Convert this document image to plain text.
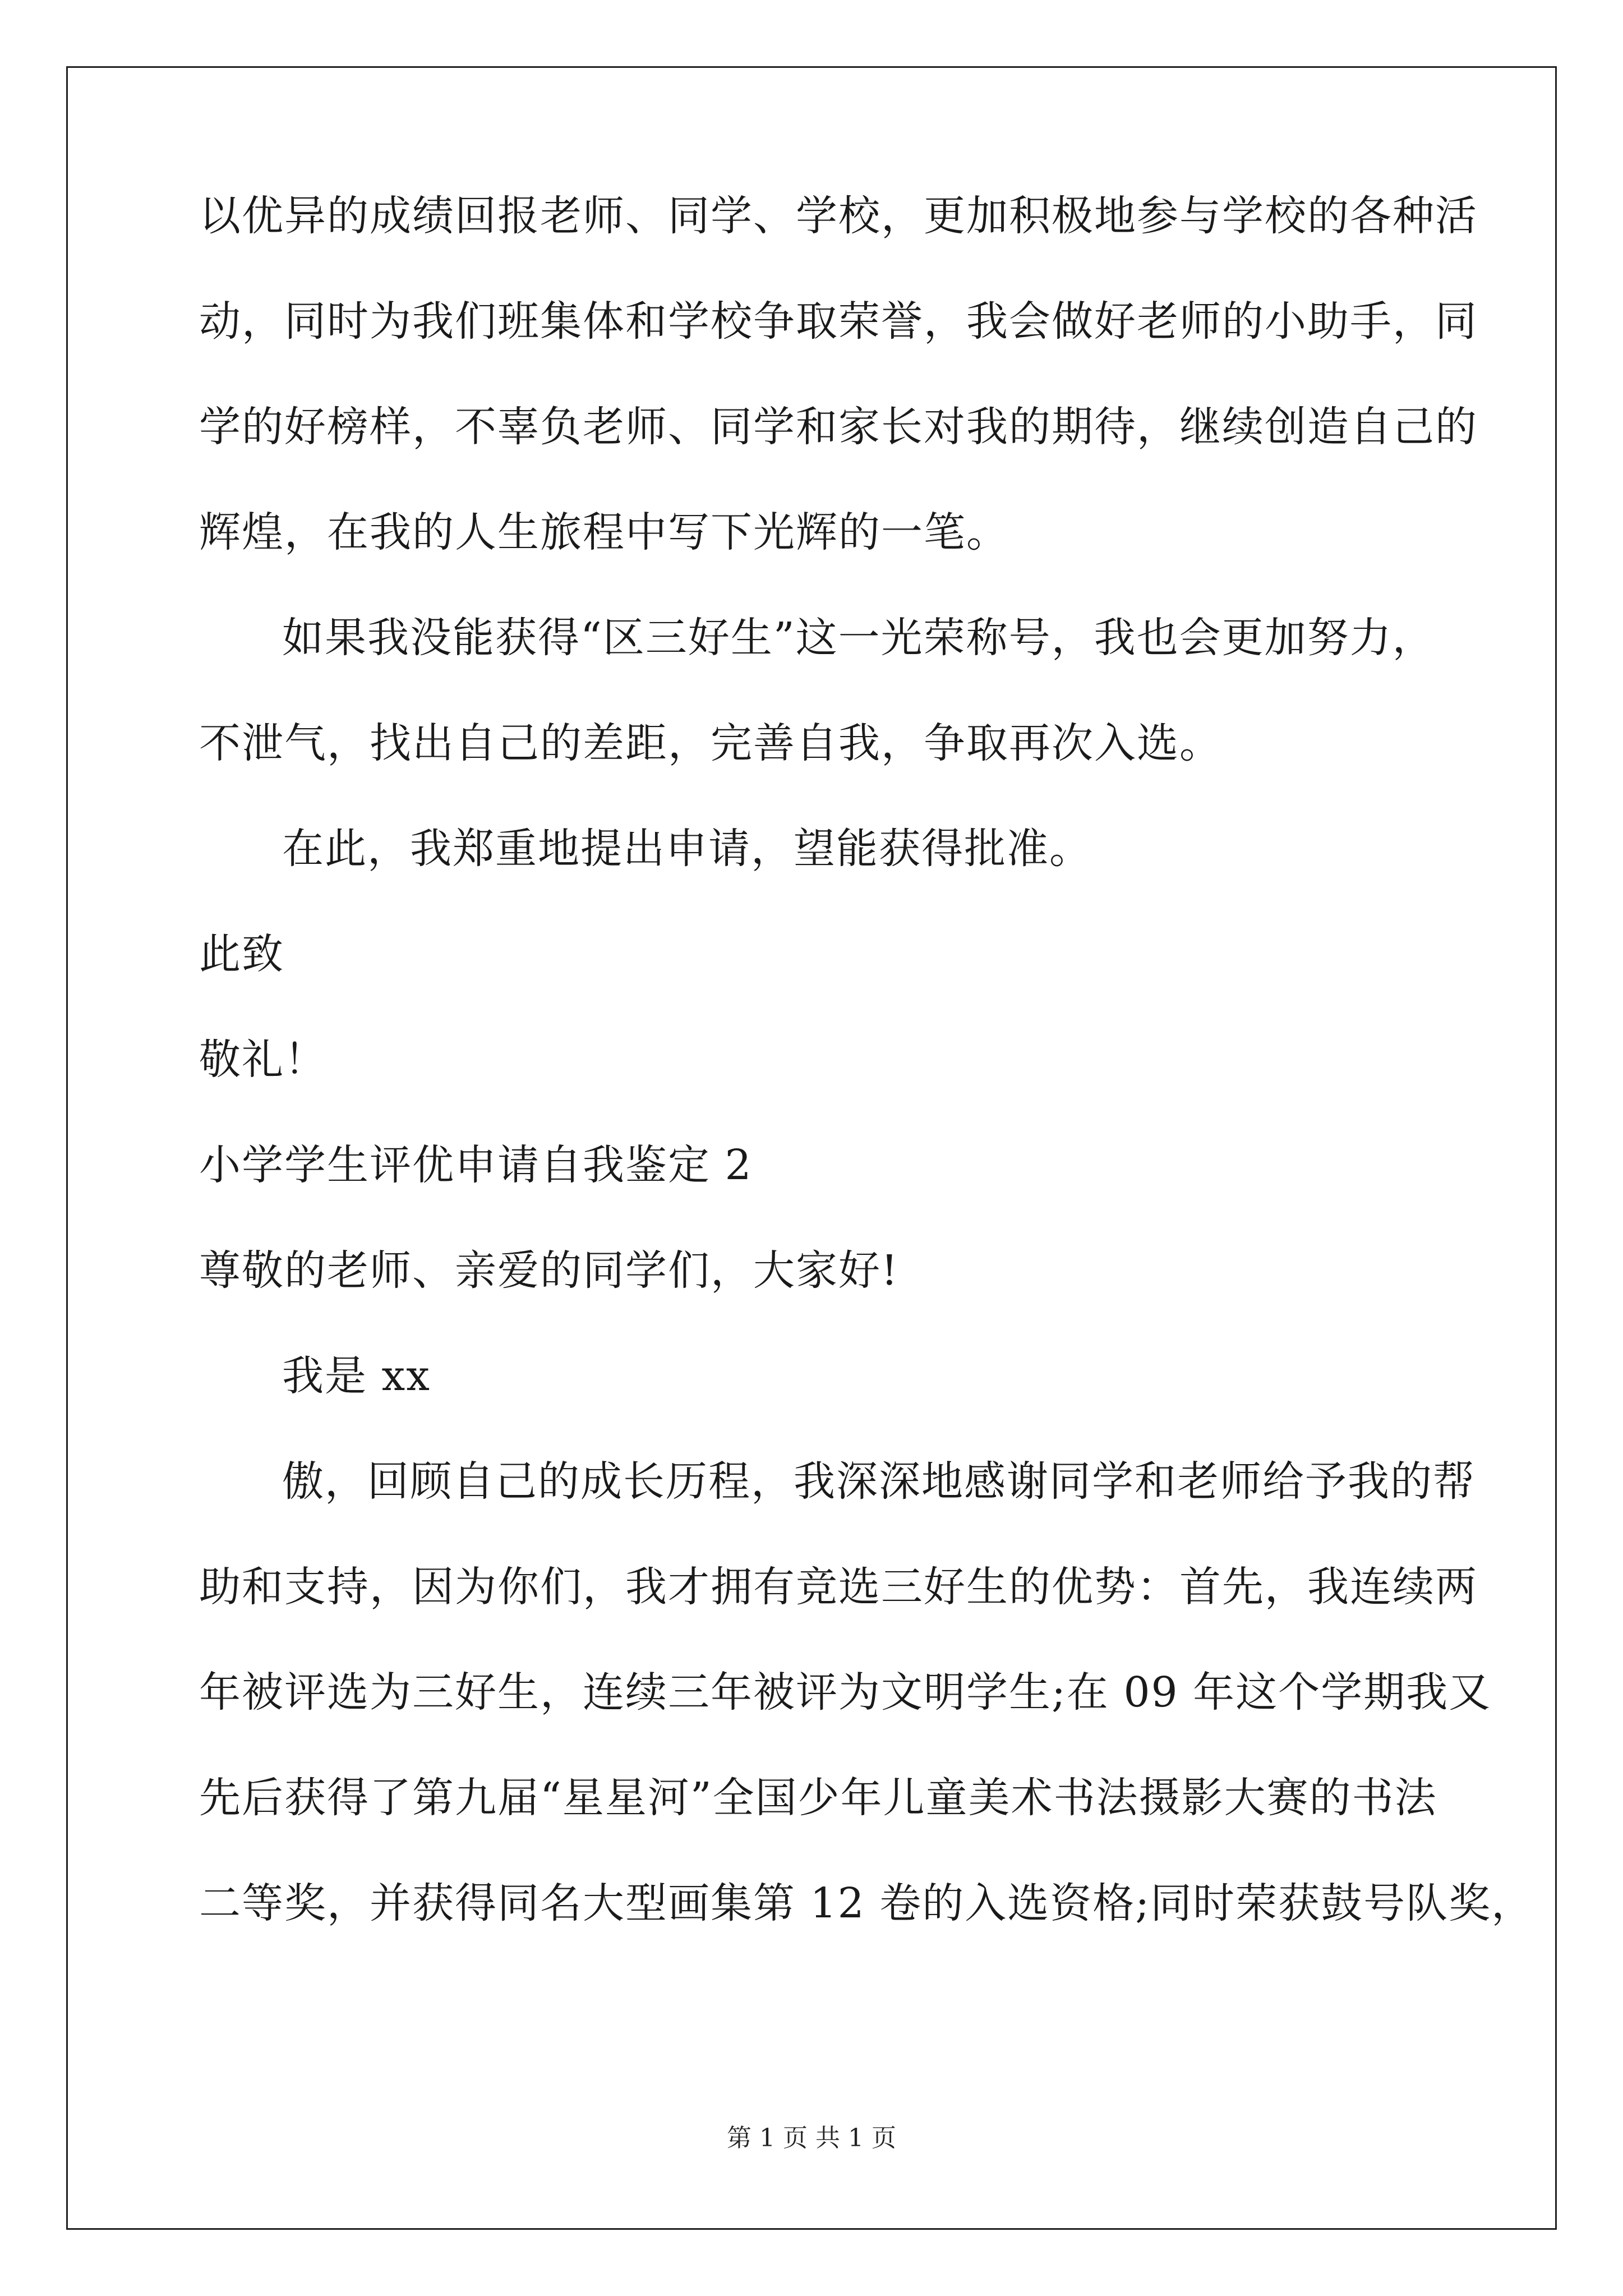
以优异的成绩回报老师、同学、学校，更加积极地参与学校的各种活
动，同时为我们班集体和学校争取荣誉，我会做好老师的小助手，同
学的好榜样，不辜负老师、同学和家长对我的期待，继续创造自己的
辉煌，在我的人生旅程中写下光辉的一笔。
如果我没能获得“区三好生”这一光荣称号，我也会更加努力，
不泄气，找出自己的差距，完善自我，争取再次入选。
在此，我郑重地提出申请，望能获得批准。
此致
敬礼！
小学学生评优申请自我鉴定 2
尊敬的老师、亲爱的同学们，大家好!
我是 xx
傲，回顾自己的成长历程，我深深地感谢同学和老师给予我的帮
助和支持，因为你们，我才拥有竞选三好生的优势：首先，我连续两
年被评选为三好生，连续三年被评为文明学生;在 09 年这个学期我又
先后获得了第九届“星星河”全国少年儿童美术书法摄影大赛的书法
二等奖，并获得同名大型画集第 12 卷的入选资格;同时荣获鼓号队奖，
第 1 页 共 1 页
